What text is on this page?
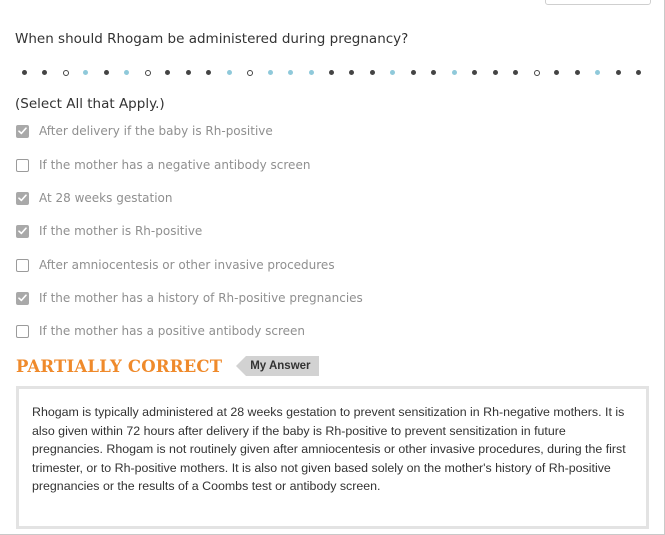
When should Rhogam be administered during pregnancy?
(Select All that Apply.)
After delivery if the baby is Rh-positive
If the mother has a negative antibody screen
At 28 weeks gestation
If the mother is Rh-positive
After amniocentesis or other invasive procedures
If the mother has a history of Rh-positive pregnancies
If the mother has a positive antibody screen
PARTIALLY CORRECT	My Answer

Rhogam is typically administered at 28 weeks gestation to prevent sensitization in Rh-negative mothers. It is also given within 72 hours after delivery if the baby is Rh-positive to prevent sensitization in future pregnancies. Rhogam is not routinely given after amniocentesis or other invasive procedures, during the first trimester, or to Rh-positive mothers. It is also not given based solely on the mother's history of Rh-positive pregnancies or the results of a Coombs test or antibody screen.
